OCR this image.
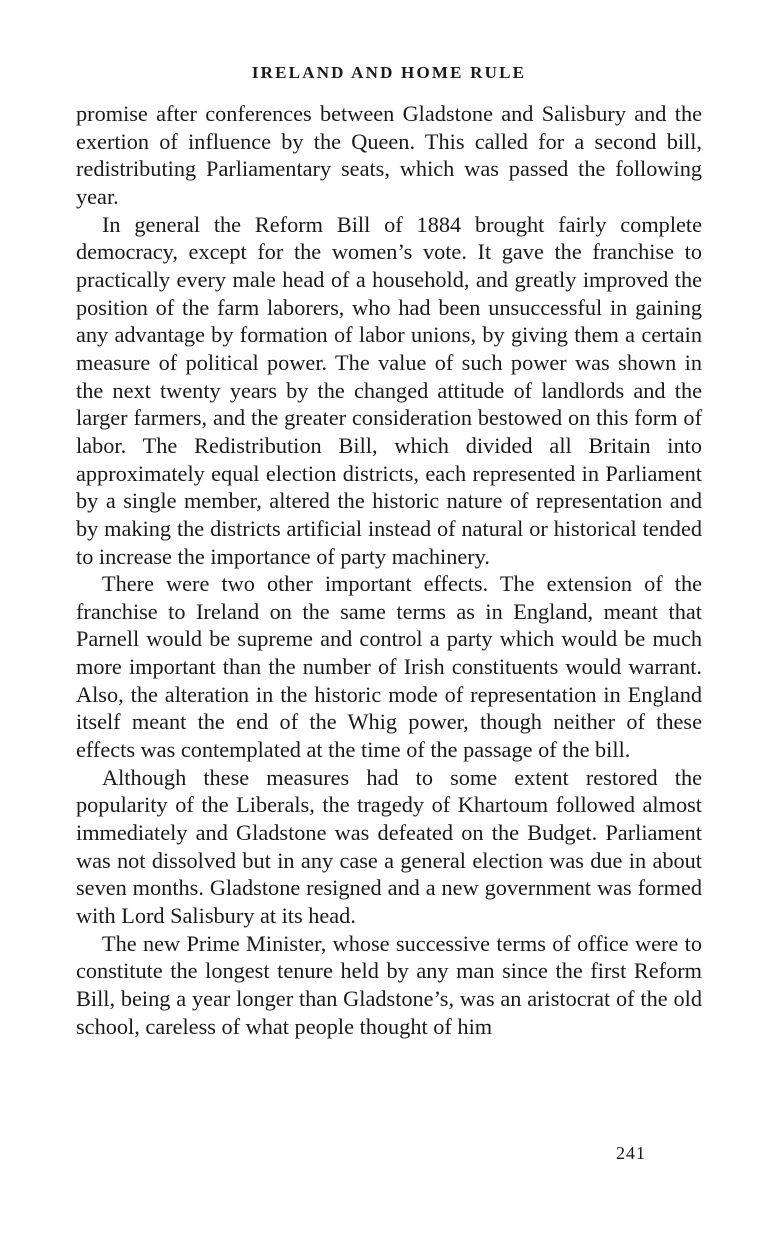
IRELAND AND HOME RULE

promise after conferences between Gladstone and Salisbury and the exertion of influence by the Queen. This called for a second bill, redistributing Parliamentary seats, which was passed the following year.

In general the Reform Bill of 1884 brought fairly complete democracy, except for the women’s vote. It gave the franchise to practically every male head of a household, and greatly improved the position of the farm laborers, who had been unsuccessful in gaining any advantage by formation of labor unions, by giving them a certain measure of political power. The value of such power was shown in the next twenty years by the changed attitude of landlords and the larger farmers, and the greater consideration bestowed on this form of labor. The Redistribution Bill, which divided all Britain into approximately equal election districts, each represented in Parliament by a single member, altered the historic nature of representation and by making the districts artificial instead of natural or historical tended to increase the importance of party machinery.

There were two other important effects. The extension of the franchise to Ireland on the same terms as in England, meant that Parnell would be supreme and control a party which would be much more important than the number of Irish constituents would warrant. Also, the alteration in the historic mode of representation in England itself meant the end of the Whig power, though neither of these effects was contemplated at the time of the passage of the bill.

Although these measures had to some extent restored the popularity of the Liberals, the tragedy of Khartoum followed almost immediately and Gladstone was defeated on the Budget. Parliament was not dissolved but in any case a general election was due in about seven months. Gladstone resigned and a new government was formed with Lord Salisbury at its head.

The new Prime Minister, whose successive terms of office were to constitute the longest tenure held by any man since the first Reform Bill, being a year longer than Gladstone’s, was an aristocrat of the old school, careless of what people thought of him

241
